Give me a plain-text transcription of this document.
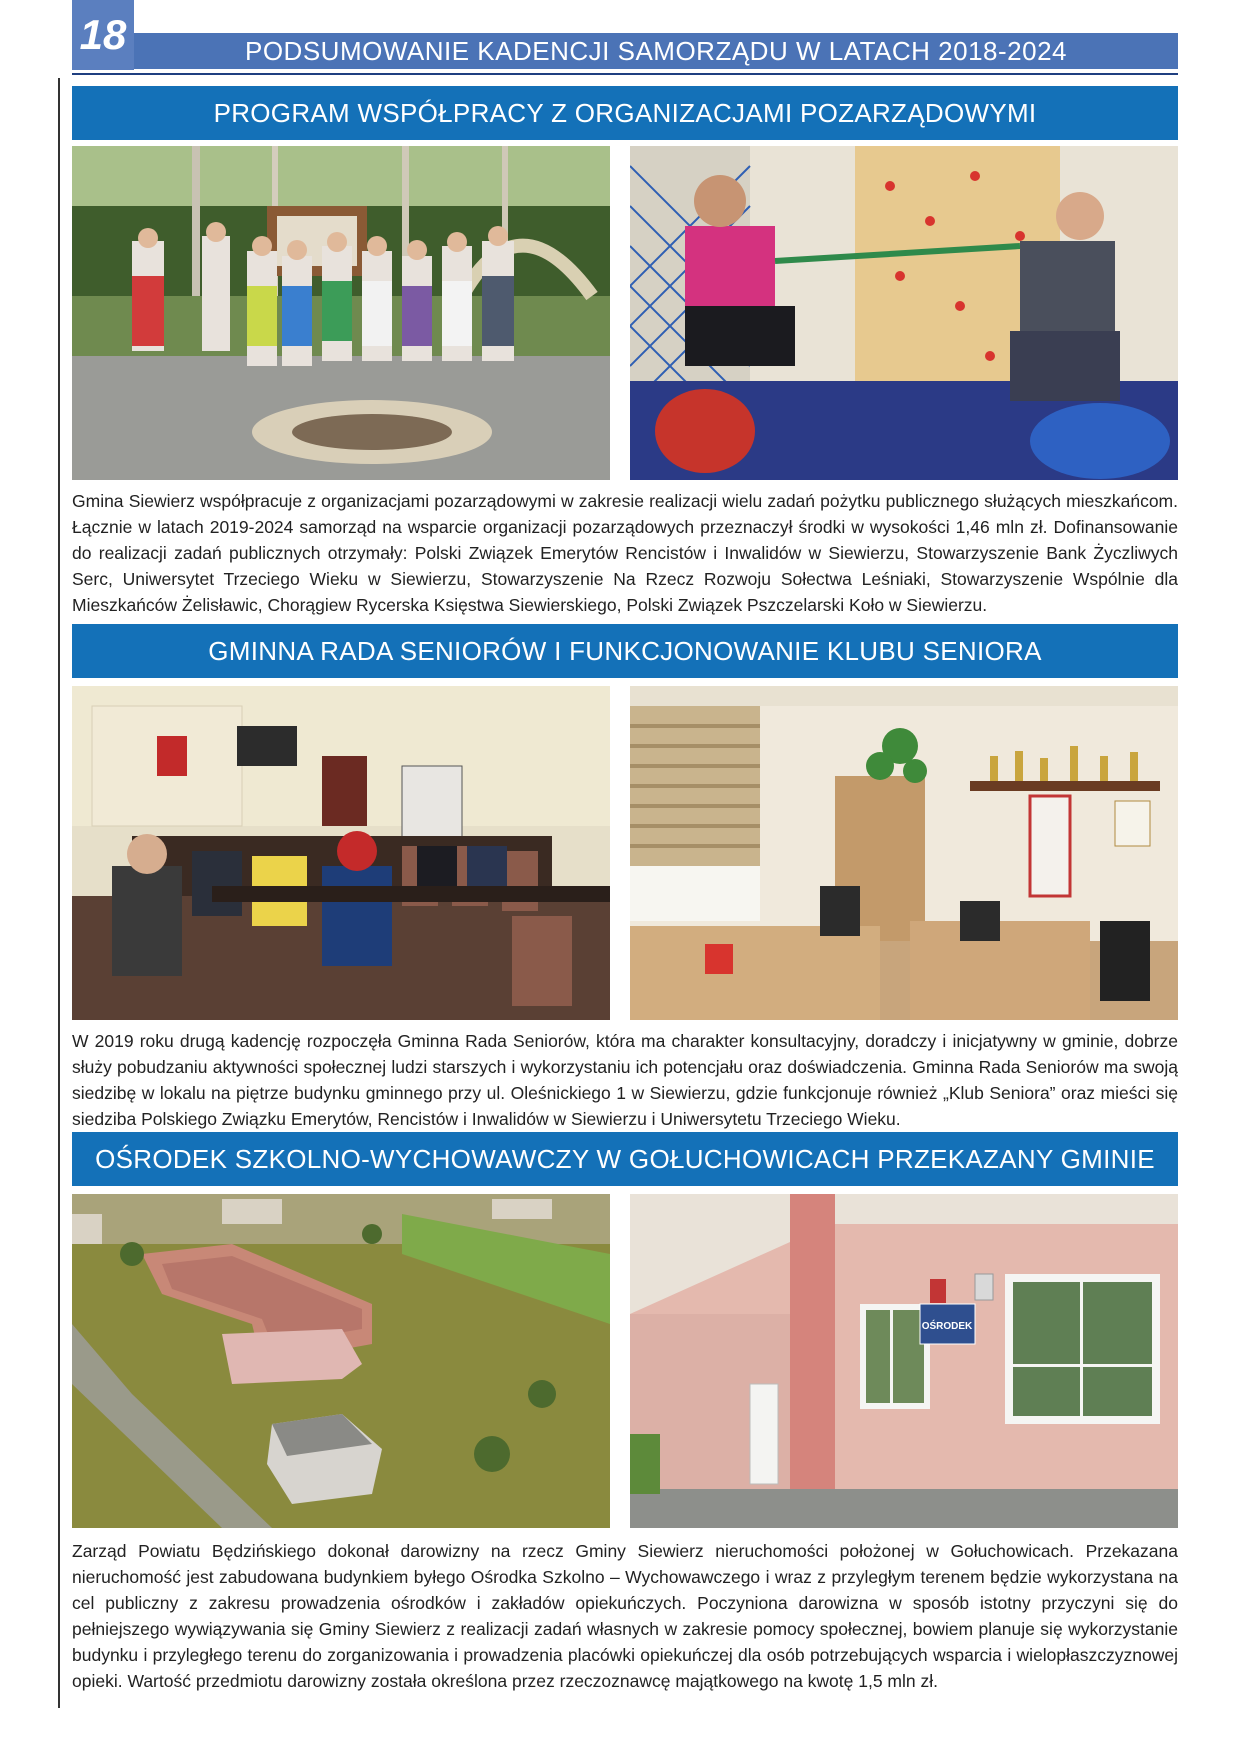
18	PODSUMOWANIE KADENCJI SAMORZĄDU W LATACH 2018-2024
PROGRAM WSPÓŁPRACY Z ORGANIZACJAMI POZARZĄDOWYMI

Gmina Siewierz współpracuje z organizacjami pozarządowymi w zakresie realizacji wielu zadań pożytku publicznego służących mieszkańcom. Łącznie w latach 2019-2024 samorząd na wsparcie organizacji pozarządowych przeznaczył środki w wysokości 1,46 mln zł. Dofinansowanie do realizacji zadań publicznych otrzymały: Polski Związek Emerytów Rencistów i Inwalidów w Siewierzu, Stowarzyszenie Bank Życzliwych Serc, Uniwersytet Trzeciego Wieku w Siewierzu, Stowarzyszenie Na Rzecz Rozwoju Sołectwa Leśniaki, Stowarzyszenie Wspólnie dla Mieszkańców Żelisławic, Chorągiew Rycerska Księstwa Siewierskiego, Polski Związek Pszczelarski Koło w Siewierzu.

GMINNA RADA SENIORÓW I FUNKCJONOWANIE KLUBU SENIORA

W 2019 roku drugą kadencję rozpoczęła Gminna Rada Seniorów, która ma charakter konsultacyjny, doradczy i inicjatywny w gminie, dobrze służy pobudzaniu aktywności społecznej ludzi starszych i wykorzystaniu ich potencjału oraz doświadczenia. Gminna Rada Seniorów ma swoją siedzibę w lokalu na piętrze budynku gminnego przy ul. Oleśnickiego 1 w Siewierzu, gdzie funkcjonuje również „Klub Seniora” oraz mieści się siedziba Polskiego Związku Emerytów, Rencistów i Inwalidów w Siewierzu i Uniwersytetu Trzeciego Wieku.

OŚRODEK SZKOLNO-WYCHOWAWCZY W GOŁUCHOWICACH PRZEKAZANY GMINIE
OŚRODEK

Zarząd Powiatu Będzińskiego dokonał darowizny na rzecz Gminy Siewierz nieruchomości położonej w Gołuchowicach. Przekazana nieruchomość jest zabudowana budynkiem byłego Ośrodka Szkolno – Wychowawczego i wraz z przyległym terenem będzie wykorzystana na cel publiczny z zakresu prowadzenia ośrodków i zakładów opiekuńczych. Poczyniona darowizna w sposób istotny przyczyni się do pełniejszego wywiązywania się Gminy Siewierz z realizacji zadań własnych w zakresie pomocy społecznej, bowiem planuje się wykorzystanie budynku i przyległego terenu do zorganizowania i prowadzenia placówki opiekuńczej dla osób potrzebujących wsparcia i wielopłaszczyznowej opieki. Wartość przedmiotu darowizny została określona przez rzeczoznawcę majątkowego na kwotę 1,5 mln zł.
